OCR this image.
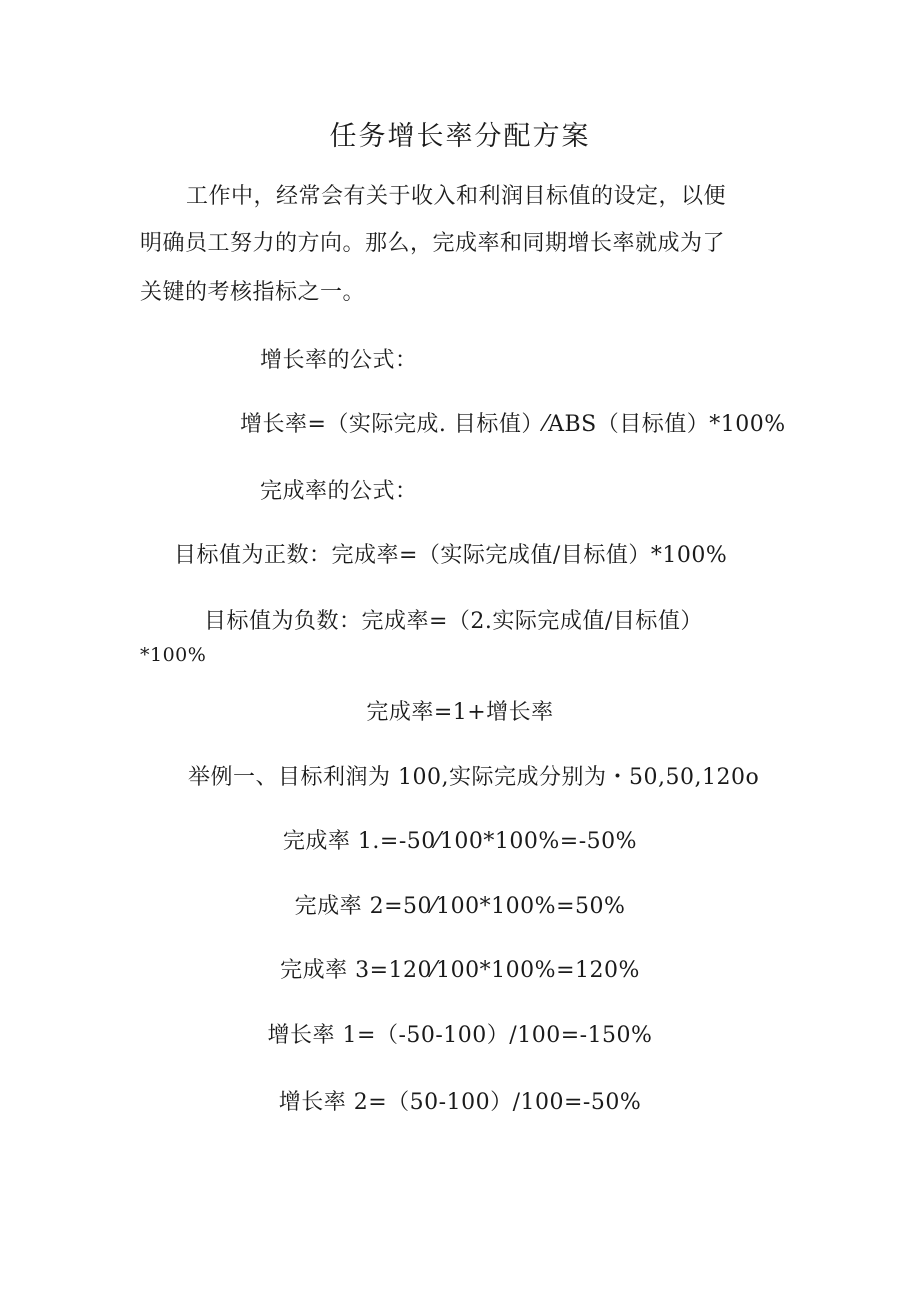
任务增长率分配方案

工作中，经常会有关于收入和利润目标值的设定，以便

明确员工努力的方向。那么，完成率和同期增长率就成为了

关键的考核指标之一。

增长率的公式：

增长率=（实际完成. 目标值）⁄ABS（目标值）*100%

完成率的公式：

目标值为正数：完成率=（实际完成值/目标值）*100%

目标值为负数：完成率=（2.实际完成值/目标值）

*100%

完成率=1+增长率

举例一、目标利润为 100,实际完成分别为・50,50,120o

完成率 1.=-50⁄100*100%=-50%

完成率 2=50⁄100*100%=50%

完成率 3=120⁄100*100%=120%

增长率 1=（-50-100）/100=-150%

增长率 2=（50-100）/100=-50%
